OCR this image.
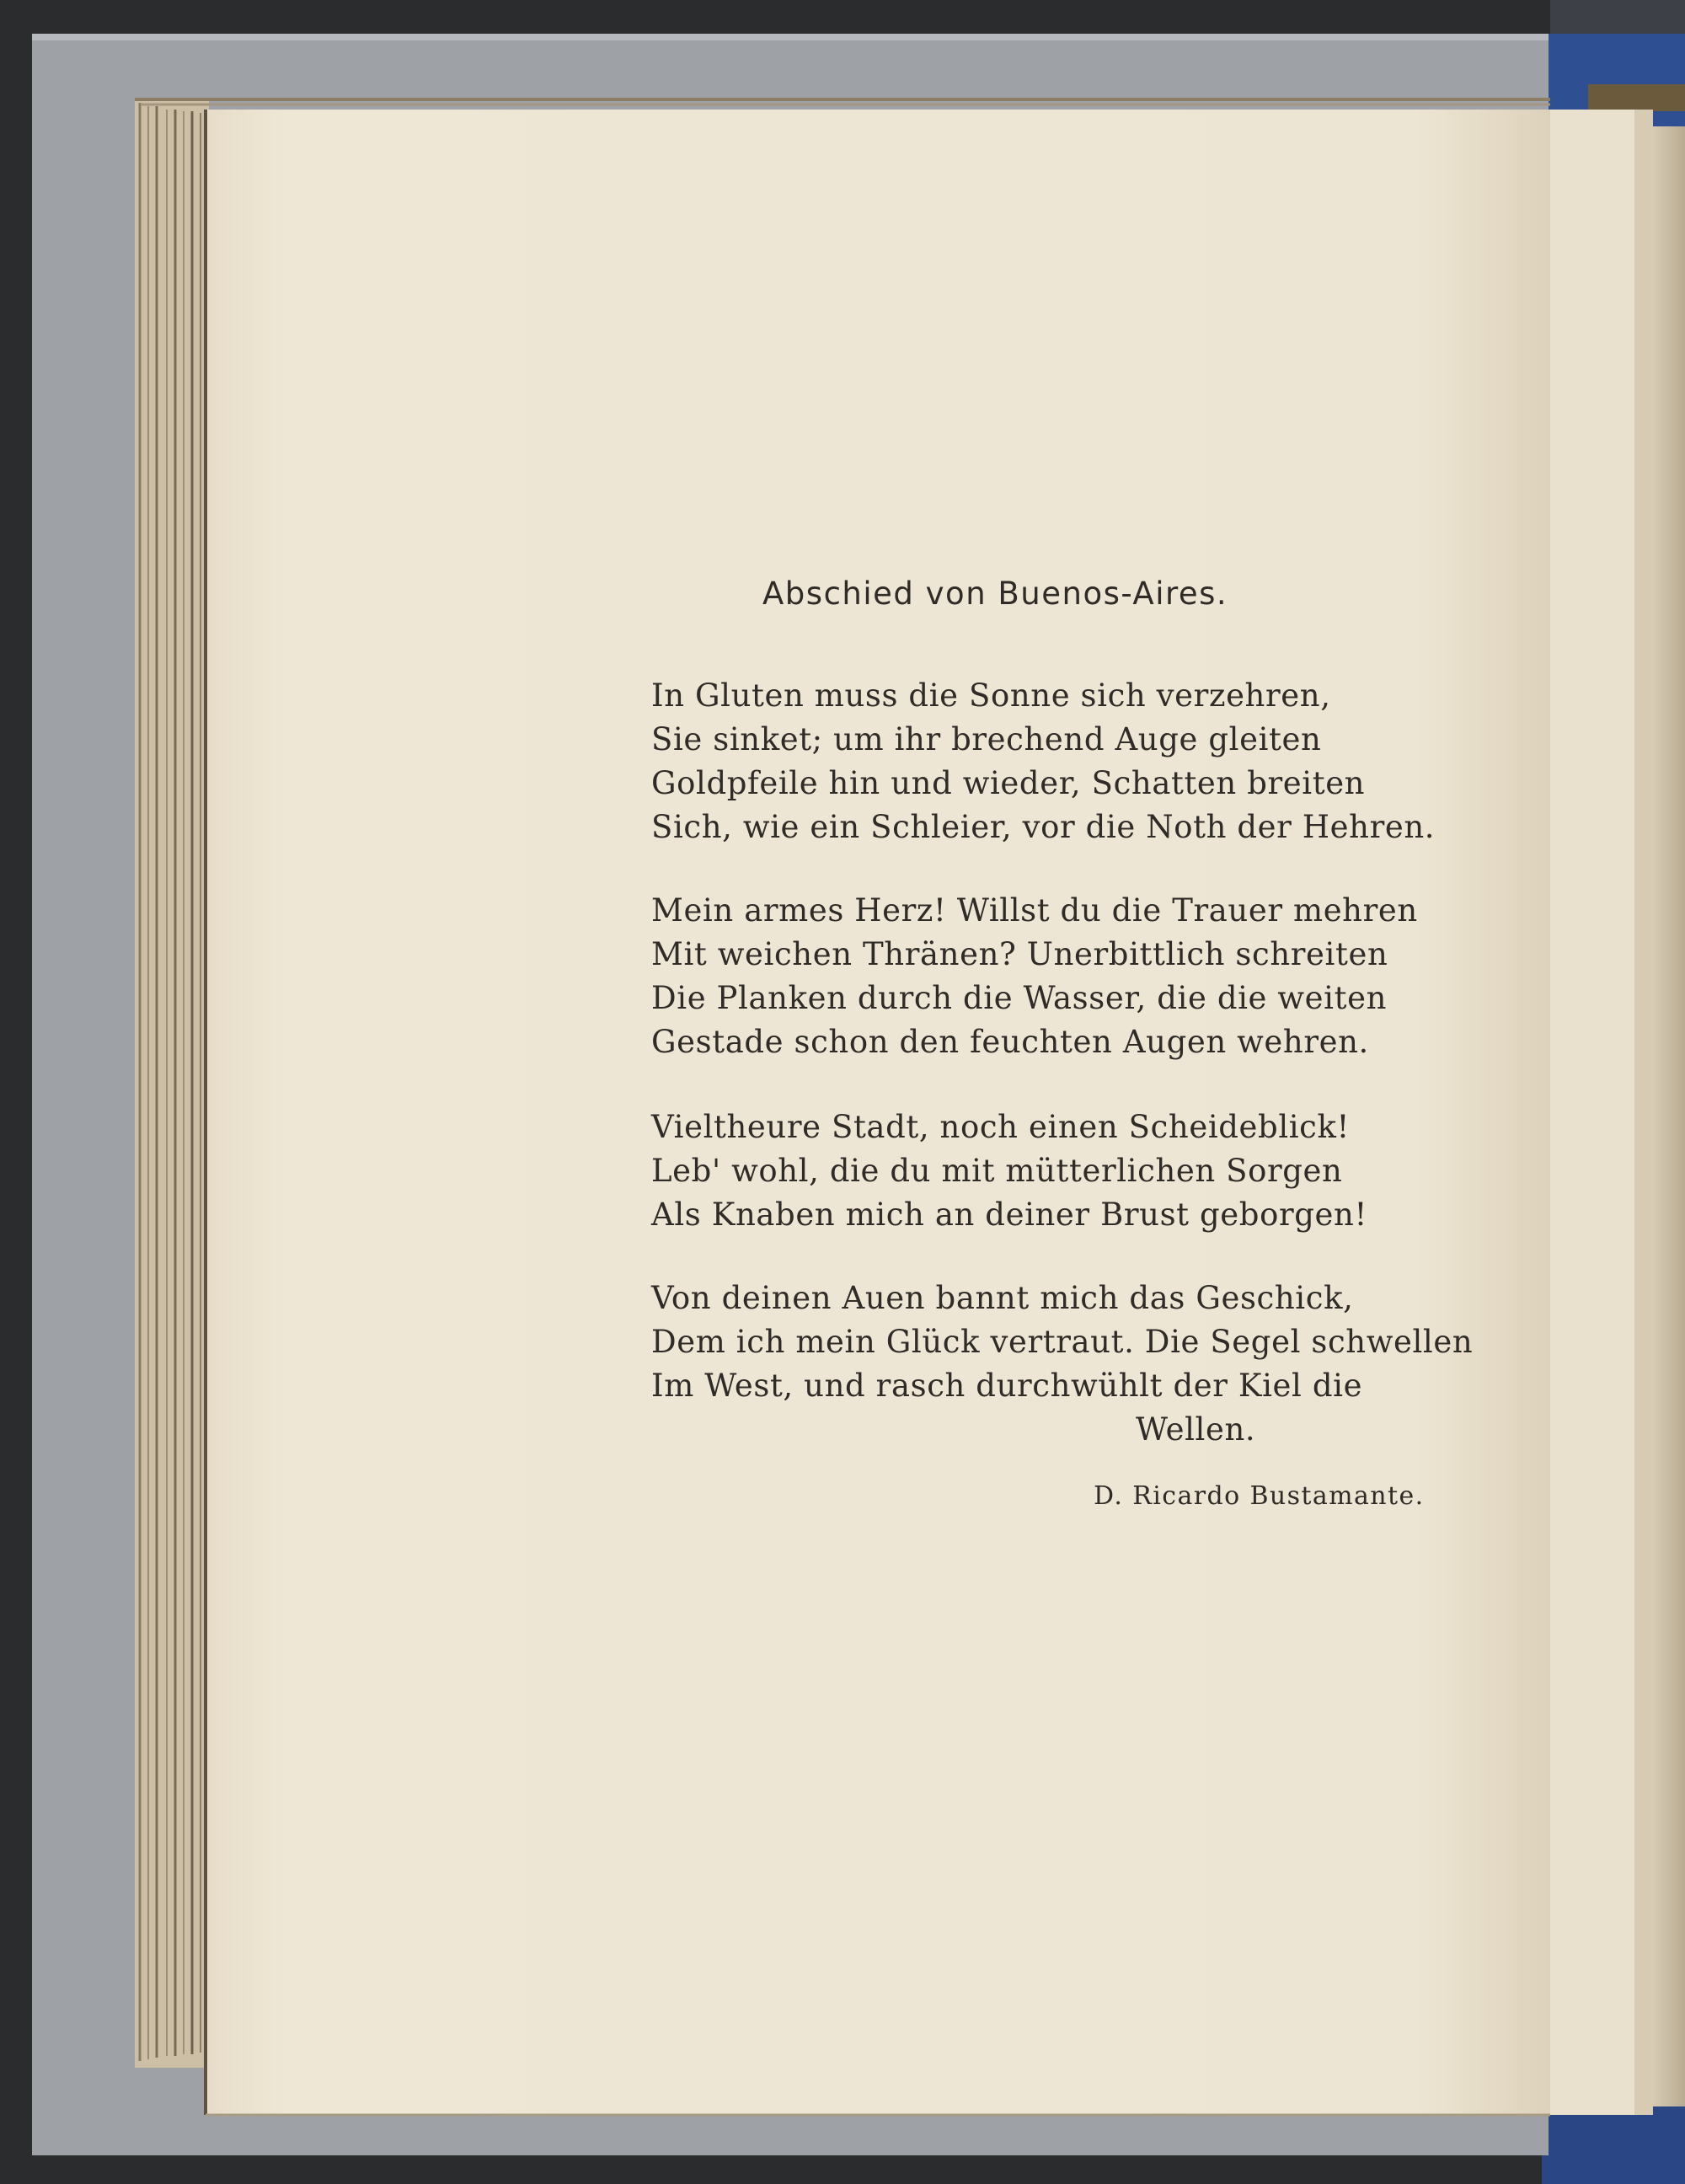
Abschied von Buenos-Aires.
In Gluten muss die Sonne sich verzehren,
Sie sinket; um ihr brechend Auge gleiten
Goldpfeile hin und wieder, Schatten breiten
Sich, wie ein Schleier, vor die Noth der Hehren.
Mein armes Herz! Willst du die Trauer mehren
Mit weichen Thränen? Unerbittlich schreiten
Die Planken durch die Wasser, die die weiten
Gestade schon den feuchten Augen wehren.
Vieltheure Stadt, noch einen Scheideblick!
Leb' wohl, die du mit mütterlichen Sorgen
Als Knaben mich an deiner Brust geborgen!
Von deinen Auen bannt mich das Geschick,
Dem ich mein Glück vertraut. Die Segel schwellen
Im West, und rasch durchwühlt der Kiel die
Wellen.
D. Ricardo Bustamante.
